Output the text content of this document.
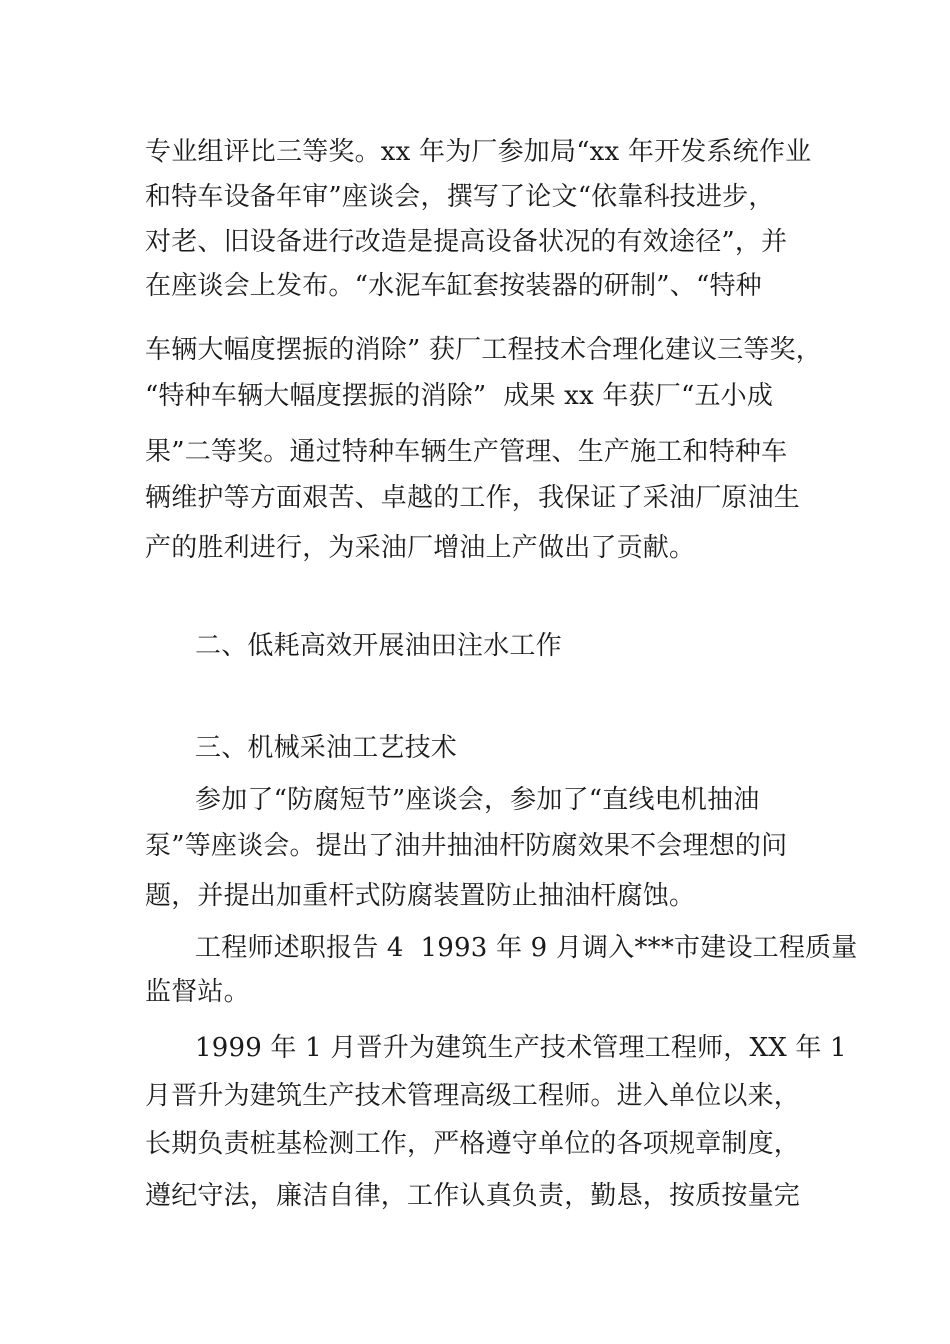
专业组评比三等奖。xx 年为厂参加局“xx 年开发系统作业
和特车设备年审”座谈会，撰写了论文“依靠科技进步，
对老、旧设备进行改造是提高设备状况的有效途径”，并
在座谈会上发布。“水泥车缸套按装器的研制”、“特种
车辆大幅度摆振的消除” 获厂工程技术合理化建议三等奖，
“特种车辆大幅度摆振的消除”  成果 xx 年获厂“五小成
果”二等奖。通过特种车辆生产管理、生产施工和特种车
辆维护等方面艰苦、卓越的工作，我保证了采油厂原油生
产的胜利进行，为采油厂增油上产做出了贡献。
二、低耗高效开展油田注水工作
三、机械采油工艺技术
参加了“防腐短节”座谈会，参加了“直线电机抽油
泵”等座谈会。提出了油井抽油杆防腐效果不会理想的问
题，并提出加重杆式防腐装置防止抽油杆腐蚀。
工程师述职报告 4  1993 年 9 月调入***市建设工程质量
监督站。
1999 年 1 月晋升为建筑生产技术管理工程师，XX 年 1
月晋升为建筑生产技术管理高级工程师。进入单位以来，
长期负责桩基检测工作，严格遵守单位的各项规章制度，
遵纪守法，廉洁自律，工作认真负责，勤恳，按质按量完
